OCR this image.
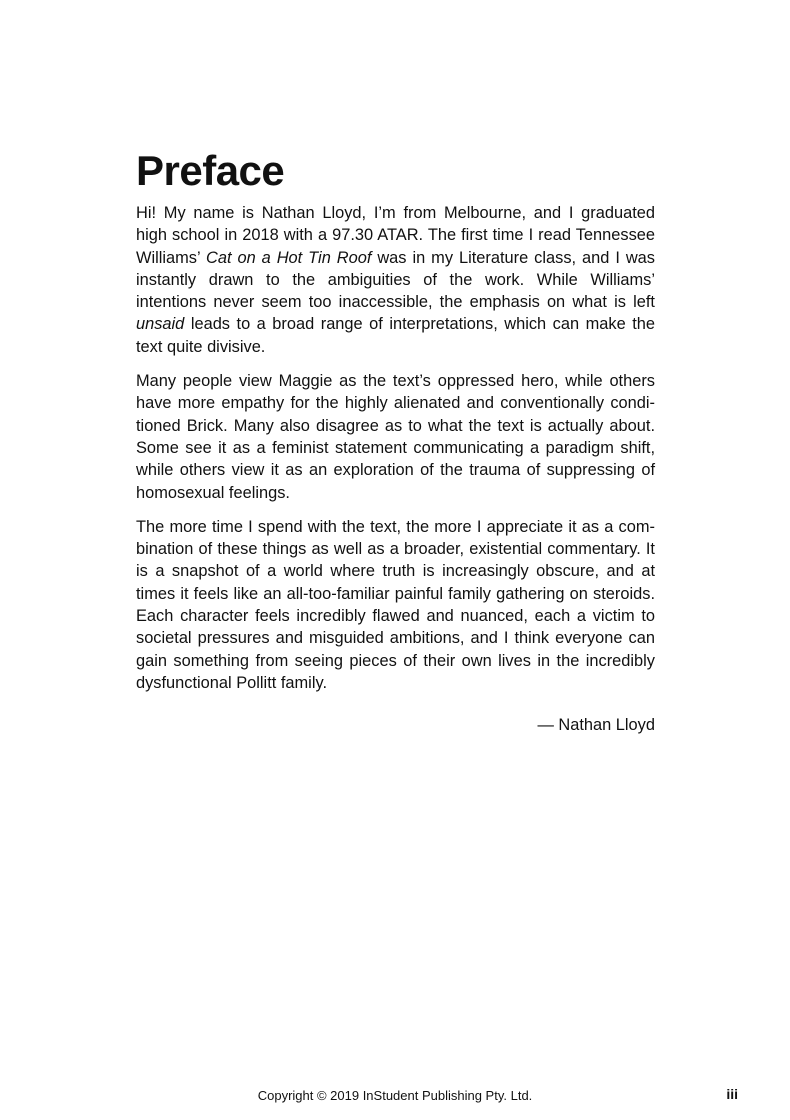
Preface

Hi! My name is Nathan Lloyd, I’m from Melbourne, and I graduated high school in 2018 with a 97.30 ATAR. The first time I read Tennessee Williams’ Cat on a Hot Tin Roof was in my Literature class, and I was instantly drawn to the ambiguities of the work. While Williams’ intentions never seem too inaccessible, the emphasis on what is left unsaid leads to a broad range of interpretations, which can make the text quite divisive.

Many people view Maggie as the text’s oppressed hero, while others have more empathy for the highly alienated and conventionally conditioned Brick. Many also disagree as to what the text is actually about. Some see it as a feminist statement communicating a paradigm shift, while others view it as an exploration of the trauma of suppressing of homosexual feelings.

The more time I spend with the text, the more I appreciate it as a combination of these things as well as a broader, existential commentary. It is a snapshot of a world where truth is increasingly obscure, and at times it feels like an all-too-familiar painful family gathering on steroids. Each character feels incredibly flawed and nuanced, each a victim to societal pressures and misguided ambitions, and I think everyone can gain something from seeing pieces of their own lives in the incredibly dysfunctional Pollitt family.

— Nathan Lloyd
Copyright © 2019 InStudent Publishing Pty. Ltd.	iii
